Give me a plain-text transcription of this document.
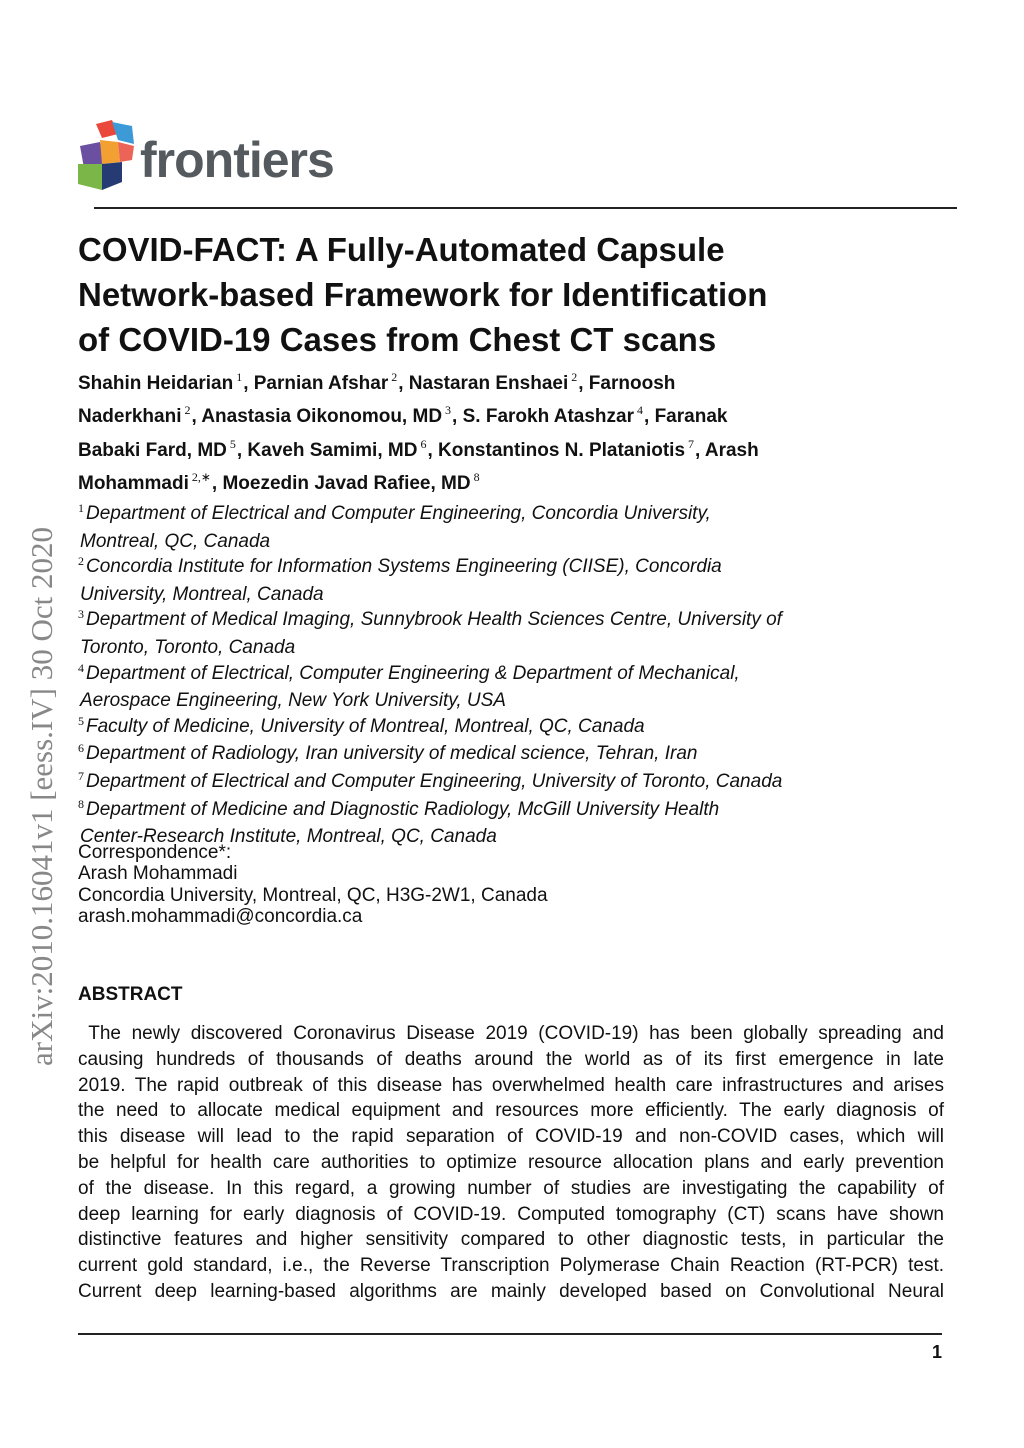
frontiers
arXiv:2010.16041v1 [eess.IV] 30 Oct 2020
COVID-FACT: A Fully-Automated Capsule
Network-based Framework for Identification
of COVID-19 Cases from Chest CT scans
Shahin Heidarian $^1$, Parnian Afshar $^2$, Nastaran Enshaei $^2$, Farnoosh
Naderkhani $^2$, Anastasia Oikonomou, MD $^3$, S. Farokh Atashzar $^4$, Faranak
Babaki Fard, MD $^5$, Kaveh Samimi, MD $^6$, Konstantinos N. Plataniotis $^7$, Arash
Mohammadi $^{2,∗}$, Moezedin Javad Rafiee, MD $^8$
$^1$ Department of Electrical and Computer Engineering, Concordia University,
Montreal, QC, Canada
$^2$ Concordia Institute for Information Systems Engineering (CIISE), Concordia
University, Montreal, Canada
$^3$ Department of Medical Imaging, Sunnybrook Health Sciences Centre, University of
Toronto, Toronto, Canada
$^4$ Department of Electrical, Computer Engineering & Department of Mechanical,
Aerospace Engineering, New York University, USA
$^5$ Faculty of Medicine, University of Montreal, Montreal, QC, Canada
$^6$ Department of Radiology, Iran university of medical science, Tehran, Iran
$^7$ Department of Electrical and Computer Engineering, University of Toronto, Canada
$^8$ Department of Medicine and Diagnostic Radiology, McGill University Health
Center-Research Institute, Montreal, QC, Canada
Correspondence*:
Arash Mohammadi
Concordia University, Montreal, QC, H3G-2W1, Canada
arash.mohammadi@concordia.ca
ABSTRACT
The newly discovered Coronavirus Disease 2019 (COVID-19) has been globally spreading and
causing hundreds of thousands of deaths around the world as of its first emergence in late
2019. The rapid outbreak of this disease has overwhelmed health care infrastructures and arises
the need to allocate medical equipment and resources more efficiently. The early diagnosis of
this disease will lead to the rapid separation of COVID-19 and non-COVID cases, which will
be helpful for health care authorities to optimize resource allocation plans and early prevention
of the disease. In this regard, a growing number of studies are investigating the capability of
deep learning for early diagnosis of COVID-19. Computed tomography (CT) scans have shown
distinctive features and higher sensitivity compared to other diagnostic tests, in particular the
current gold standard, i.e., the Reverse Transcription Polymerase Chain Reaction (RT-PCR) test.
Current deep learning-based algorithms are mainly developed based on Convolutional Neural
1
